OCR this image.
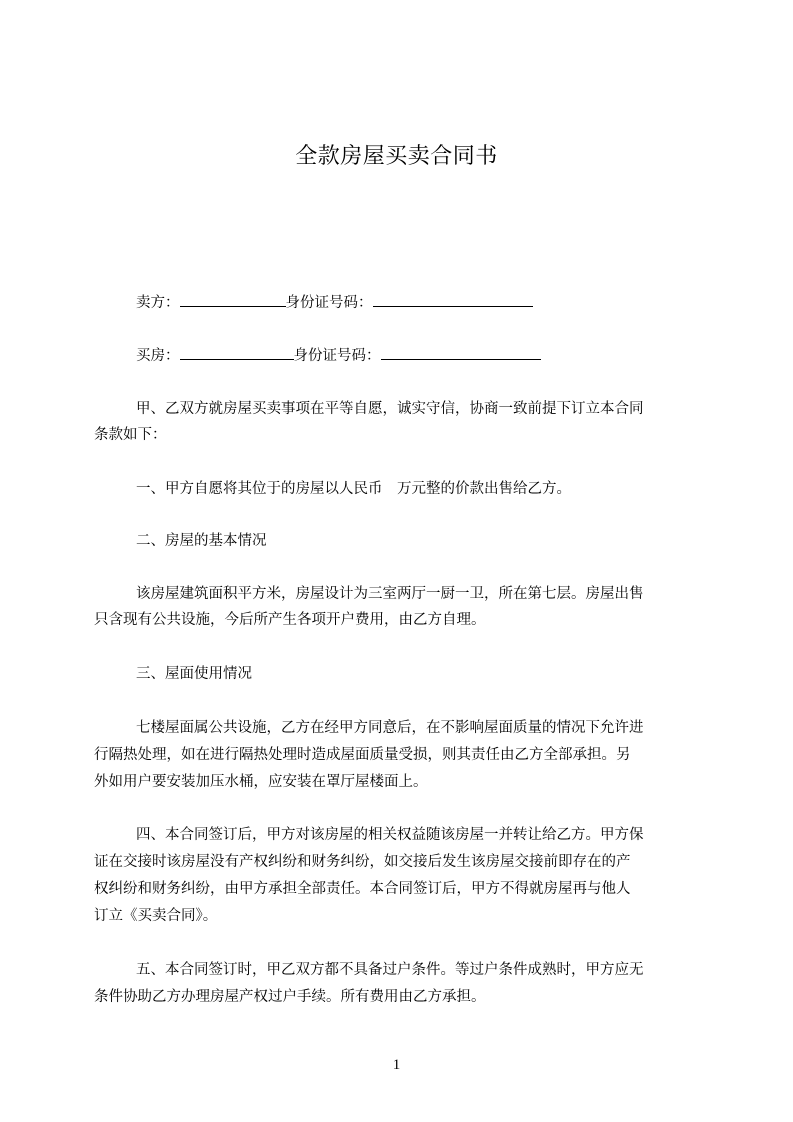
全款房屋买卖合同书
卖方：	身份证号码：
买房：	身份证号码：
甲、乙双方就房屋买卖事项在平等自愿，诚实守信，协商一致前提下订立本合同
条款如下：
一、甲方自愿将其位于的房屋以人民币　万元整的价款出售给乙方。
二、房屋的基本情况
该房屋建筑面积平方米，房屋设计为三室两厅一厨一卫，所在第七层。房屋出售
只含现有公共设施，今后所产生各项开户费用，由乙方自理。
三、屋面使用情况
七楼屋面属公共设施，乙方在经甲方同意后，在不影响屋面质量的情况下允许进
行隔热处理，如在进行隔热处理时造成屋面质量受损，则其责任由乙方全部承担。另
外如用户要安装加压水桶，应安装在罩厅屋楼面上。
四、本合同签订后，甲方对该房屋的相关权益随该房屋一并转让给乙方。甲方保
证在交接时该房屋没有产权纠纷和财务纠纷，如交接后发生该房屋交接前即存在的产
权纠纷和财务纠纷，由甲方承担全部责任。本合同签订后，甲方不得就房屋再与他人
订立《买卖合同》。
五、本合同签订时，甲乙双方都不具备过户条件。等过户条件成熟时，甲方应无
条件协助乙方办理房屋产权过户手续。所有费用由乙方承担。
1
